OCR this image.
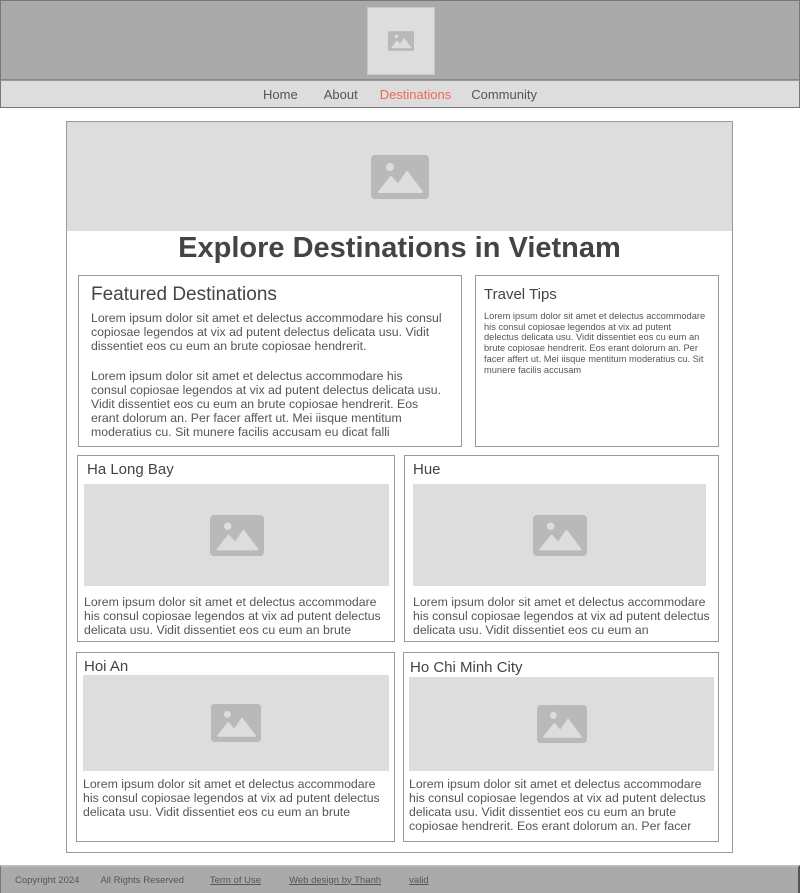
Home About Destinations Community
Explore Destinations in Vietnam
Featured Destinations

Lorem ipsum dolor sit amet et delectus accommodare his consul copiosae legendos at vix ad putent delectus delicata usu. Vidit dissentiet eos cu eum an brute copiosae hendrerit.

Lorem ipsum dolor sit amet et delectus accommodare his consul copiosae legendos at vix ad putent delectus delicata usu. Vidit dissentiet eos cu eum an brute copiosae hendrerit. Eos erant dolorum an. Per facer affert ut. Mei iisque mentitum moderatius cu. Sit munere facilis accusam eu dicat falli

Travel Tips

Lorem ipsum dolor sit amet et delectus accommodare his consul copiosae legendos at vix ad putent delectus delicata usu. Vidit dissentiet eos cu eum an brute copiosae hendrerit. Eos erant dolorum an. Per facer affert ut. Mei iisque mentitum moderatius cu. Sit munere facilis accusam

Ha Long Bay

Lorem ipsum dolor sit amet et delectus accommodare his consul copiosae legendos at vix ad putent delectus delicata usu. Vidit dissentiet eos cu eum an brute

Hue

Lorem ipsum dolor sit amet et delectus accommodare his consul copiosae legendos at vix ad putent delectus delicata usu. Vidit dissentiet eos cu eum an

Hoi An

Lorem ipsum dolor sit amet et delectus accommodare his consul copiosae legendos at vix ad putent delectus delicata usu. Vidit dissentiet eos cu eum an brute

Ho Chi Minh City

Lorem ipsum dolor sit amet et delectus accommodare his consul copiosae legendos at vix ad putent delectus delicata usu. Vidit dissentiet eos cu eum an brute copiosae hendrerit. Eos erant dolorum an. Per facer

Copyright 2024 All Rights Reserved	Term of Use	Web design by Thanh	valid
